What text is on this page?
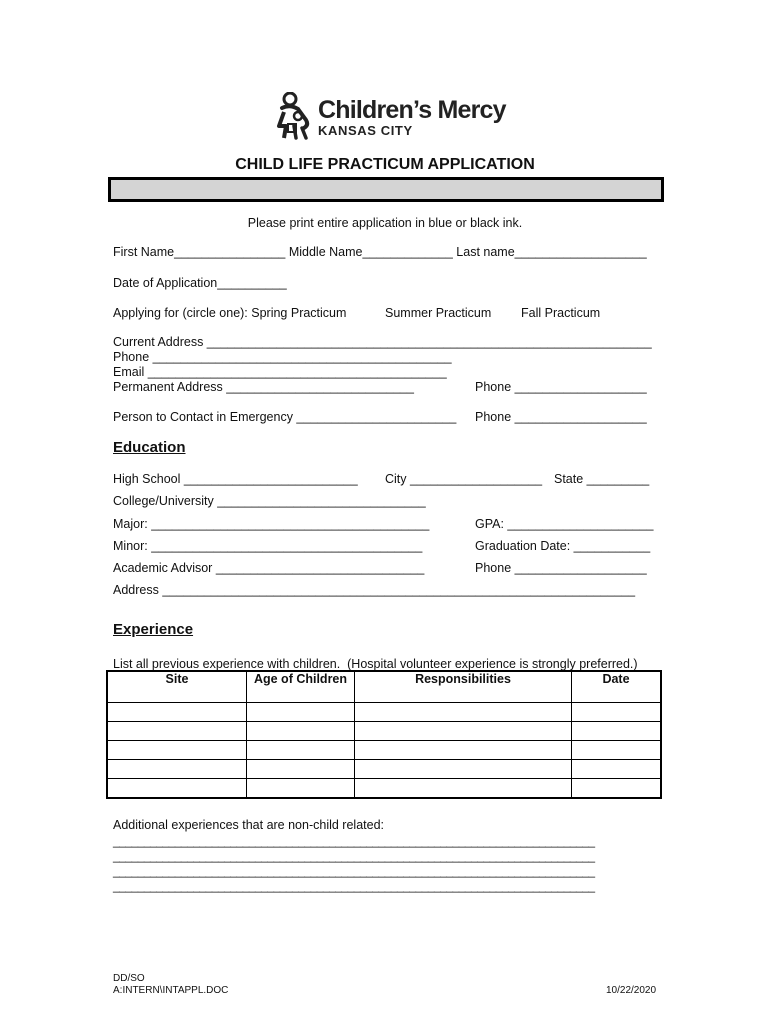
Children’s Mercy
KANSAS CITY
CHILD LIFE PRACTICUM APPLICATION
Please print entire application in blue or black ink.
First Name________________ Middle Name_____________ Last name___________________
Date of Application__________
Applying for (circle one): Spring Practicum	Summer Practicum Fall Practicum
Current Address ________________________________________________________________
Phone ___________________________________________
Email ___________________________________________
Permanent Address ___________________________	Phone ___________________
Person to Contact in Emergency _______________________ Phone ___________________
Education
High School _________________________ City ___________________ State _________
College/University ______________________________
Major: ________________________________________	GPA: _____________________
Minor: _______________________________________	Graduation Date: ___________
Academic Advisor ______________________________	Phone ___________________
Address ____________________________________________________________________
Experience
List all previous experience with children.  (Hospital volunteer experience is strongly preferred.)
Site	Age of Children	Responsibilities	Date

Additional experiences that are non-child related:
______________________________________________________________________________
______________________________________________________________________________
______________________________________________________________________________
______________________________________________________________________________
DD/SO
A:INTERN\INTAPPL.DOC	10/22/2020
